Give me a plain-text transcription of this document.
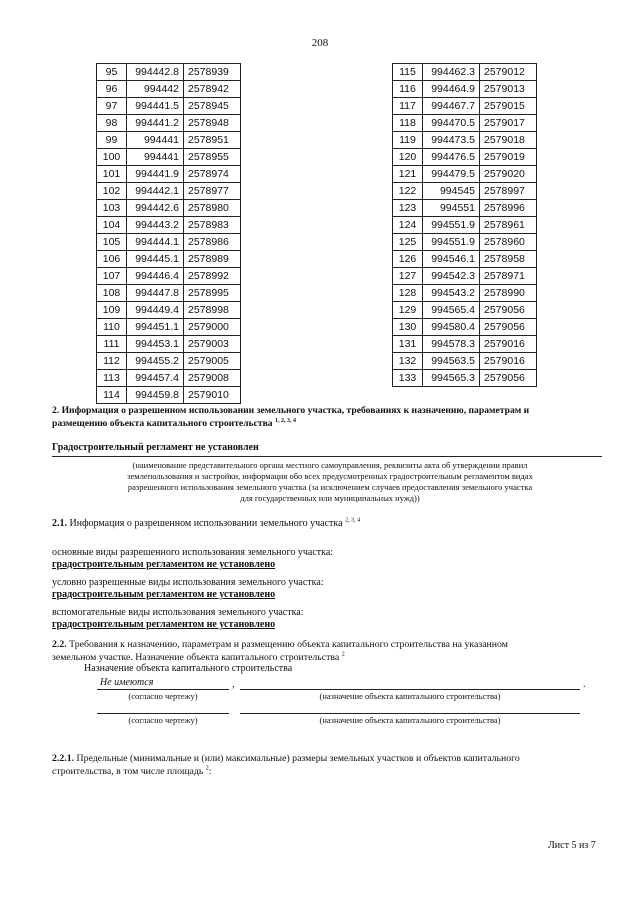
208
95	994442.8	2578939
96	994442	2578942
97	994441.5	2578945
98	994441.2	2578948
99	994441	2578951
100	994441	2578955
101	994441.9	2578974
102	994442.1	2578977
103	994442.6	2578980
104	994443.2	2578983
105	994444.1	2578986
106	994445.1	2578989
107	994446.4	2578992
108	994447.8	2578995
109	994449.4	2578998
110	994451.1	2579000
111	994453.1	2579003
112	994455.2	2579005
113	994457.4	2579008
114	994459.8	2579010
115	994462.3	2579012
116	994464.9	2579013
117	994467.7	2579015
118	994470.5	2579017
119	994473.5	2579018
120	994476.5	2579019
121	994479.5	2579020
122	994545	2578997
123	994551	2578996
124	994551.9	2578961
125	994551.9	2578960
126	994546.1	2578958
127	994542.3	2578971
128	994543.2	2578990
129	994565.4	2579056
130	994580.4	2579056
131	994578.3	2579016
132	994563.5	2579016
133	994565.3	2579056
2. Информация о разрешенном использовании земельного участка, требованиях к назначению, параметрам и
размещению объекта капитального строительства $^{1, 2, 3, 4}$
Градостроительный регламент не установлен
(наименование представительного органа местного самоуправления, реквизиты акта об утверждении правил
землепользования и застройки, информация обо всех предусмотренных градостроительным регламентом видах
разрешенного использования земельного участка (за исключением случаев предоставления земельного участка
для государственных или муниципальных нужд))
2.1. Информация о разрешенном использовании земельного участка $^{2, 3, 4}$
основные виды разрешенного использования земельного участка:
градостроительным регламентом не установлено
условно разрешенные виды использования земельного участка:
градостроительным регламентом не установлено
вспомогательные виды использования земельного участка:
градостроительным регламентом не установлено
2.2. Требования к назначению, параметрам и размещению объекта капитального строительства на указанном
земельном участке. Назначение объекта капитального строительства $^2$
Назначение объекта капитального строительства
Не имеются	,	.
(согласно чертежу)	(назначение объекта капитального строительства)
(согласно чертежу)	(назначение объекта капитального строительства)
2.2.1. Предельные (минимальные и (или) максимальные) размеры земельных участков и объектов капитального
строительства, в том числе площадь $^2$:
Лист 5 из 7
